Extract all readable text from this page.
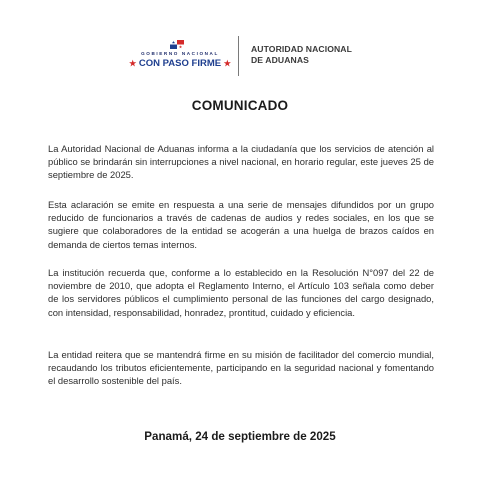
GOBIERNO NACIONAL
★ CON PASO FIRME ★
AUTORIDAD NACIONAL
DE ADUANAS
COMUNICADO

La Autoridad Nacional de Aduanas informa a la ciudadanía que los servicios de atención al público se brindarán sin interrupciones a nivel nacional, en horario regular, este jueves 25 de septiembre de 2025.

Esta aclaración se emite en respuesta a una serie de mensajes difundidos por un grupo reducido de funcionarios a través de cadenas de audios y redes sociales, en los que se sugiere que colaboradores de la entidad se acogerán a una huelga de brazos caídos en demanda de ciertos temas internos.

La institución recuerda que, conforme a lo establecido en la Resolución N°097 del 22 de noviembre de 2010, que adopta el Reglamento Interno, el Artículo 103 señala como deber de los servidores públicos el cumplimiento personal de las funciones del cargo designado, con intensidad, responsabilidad, honradez, prontitud, cuidado y eficiencia.

La entidad reitera que se mantendrá firme en su misión de facilitador del comercio mundial, recaudando los tributos eficientemente, participando en la seguridad nacional y fomentando el desarrollo sostenible del país.

Panamá, 24 de septiembre de 2025
